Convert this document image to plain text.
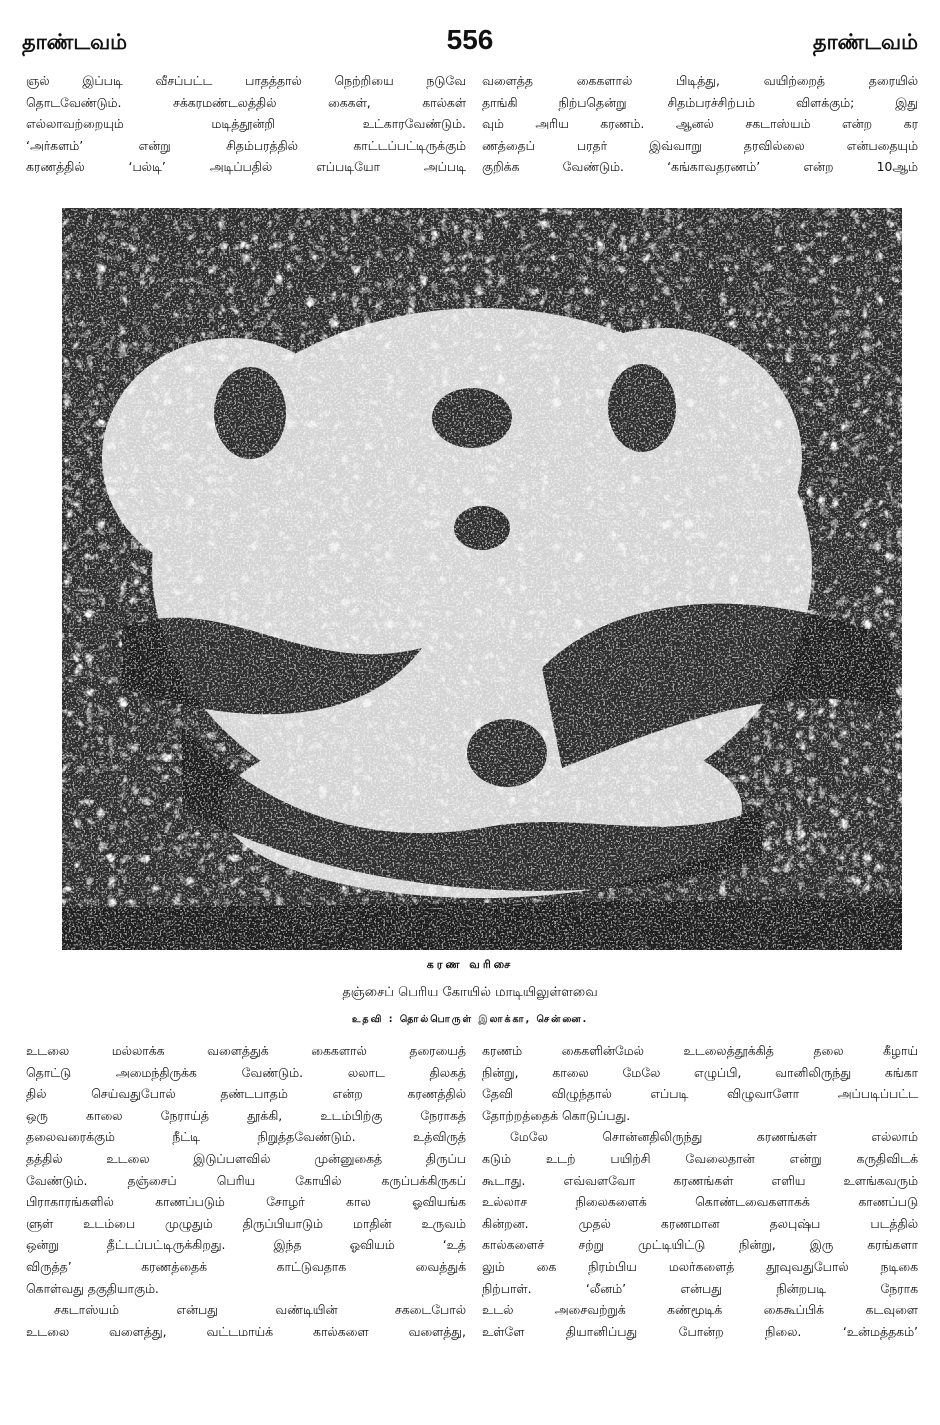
தாண்டவம்	556	தாண்டவம்

ஞல் இப்படி வீசப்பட்ட பாதத்தால் நெற்றியை நடுவே
தொடவேண்டும். சக்கரமண்டலத்தில் கைகள், கால்கள்
எல்லாவற்றையும் மடித்தூன்றி உட்காரவேண்டும்.
‘அர்களம்’ என்று சிதம்பரத்தில் காட்டப்பட்டிருக்கும்
கரணத்தில் ‘பல்டி’ அடிப்பதில் எப்படியோ அப்படி

வளைத்த கைகளால் பிடித்து, வயிற்றைத் தரையில்
தாங்கி நிற்பதென்று சிதம்பரச்சிற்பம் விளக்கும்; இது
வும் அரிய கரணம். ஆனல் சகடாஸ்யம் என்ற கர
ணத்தைப் பரதர் இவ்வாறு தரவில்லை என்பதையும்
குறிக்க வேண்டும். ‘கங்காவதரணம்’ என்ற 10ஆம்

கரண வரிசை
தஞ்சைப் பெரிய கோயில் மாடியிலுள்ளவை
உதவி : தொல்பொருள் இலாக்கா, சென்னை.

உடலை மல்லாக்க வளைத்துக் கைகளால் தரையைத்
தொட்டு அமைந்திருக்க வேண்டும். லலாட திலகத்
தில் செய்வதுபோல் தண்டபாதம் என்ற கரணத்தில்
ஒரு காலை நேராய்த் தூக்கி, உடம்பிற்கு நேராகத்
தலைவரைக்கும் நீட்டி நிறுத்தவேண்டும். உத்விருத்
தத்தில் உடலை இடுப்பளவில் முன்னுகைத் திருப்ப
வேண்டும். தஞ்சைப் பெரிய கோயில் கருப்பக்கிருகப்
பிராகாரங்களில் காணப்படும் சோழர் கால ஓவியங்க
ளுள் உடம்பை முழுதும் திருப்பியாடும் மாதின் உருவம்
ஒன்று தீட்டப்பட்டிருக்கிறது. இந்த ஓவியம் ‘உத்
விருத்த’ கரணத்தைக் காட்டுவதாக வைத்துக்
கொள்வது தகுதியாகும்.

சகடாஸ்யம் என்பது வண்டியின் சகடைபோல்

உடலை வளைத்து, வட்டமாய்க் கால்களை வளைத்து,

கரணம் கைகளின்மேல் உடலைத்தூக்கித் தலை கீழாய்
நின்று, காலை மேலே எழுப்பி, வானிலிருந்து கங்கா
தேவி விழுந்தால் எப்படி விழுவாளோ அப்படிப்பட்ட
தோற்றத்தைக் கொடுப்பது.

மேலே சொன்னதிலிருந்து கரணங்கள் எல்லாம்

கடும் உடற் பயிற்சி வேலைதான் என்று கருதிவிடக்
கூடாது. எவ்வளவோ கரணங்கள் எளிய உளங்கவரும்
உல்லாச நிலைகளைக் கொண்டவைகளாகக் காணப்படு
கின்றன. முதல் கரணமான தலபுஷ்ப படத்தில்
கால்களைச் சற்று முட்டியிட்டு நின்று, இரு கரங்களா
லும் கை நிரம்பிய மலர்களைத் தூவுவதுபோல் நடிகை
நிற்பாள். ‘லீனம்’ என்பது நின்றபடி நேராக
உடல் அசைவற்றுக் கண்மூடிக் கைகூப்பிக் கடவுளை
உள்ளே தியானிப்பது போன்ற நிலை. ‘உன்மத்தகம்’
